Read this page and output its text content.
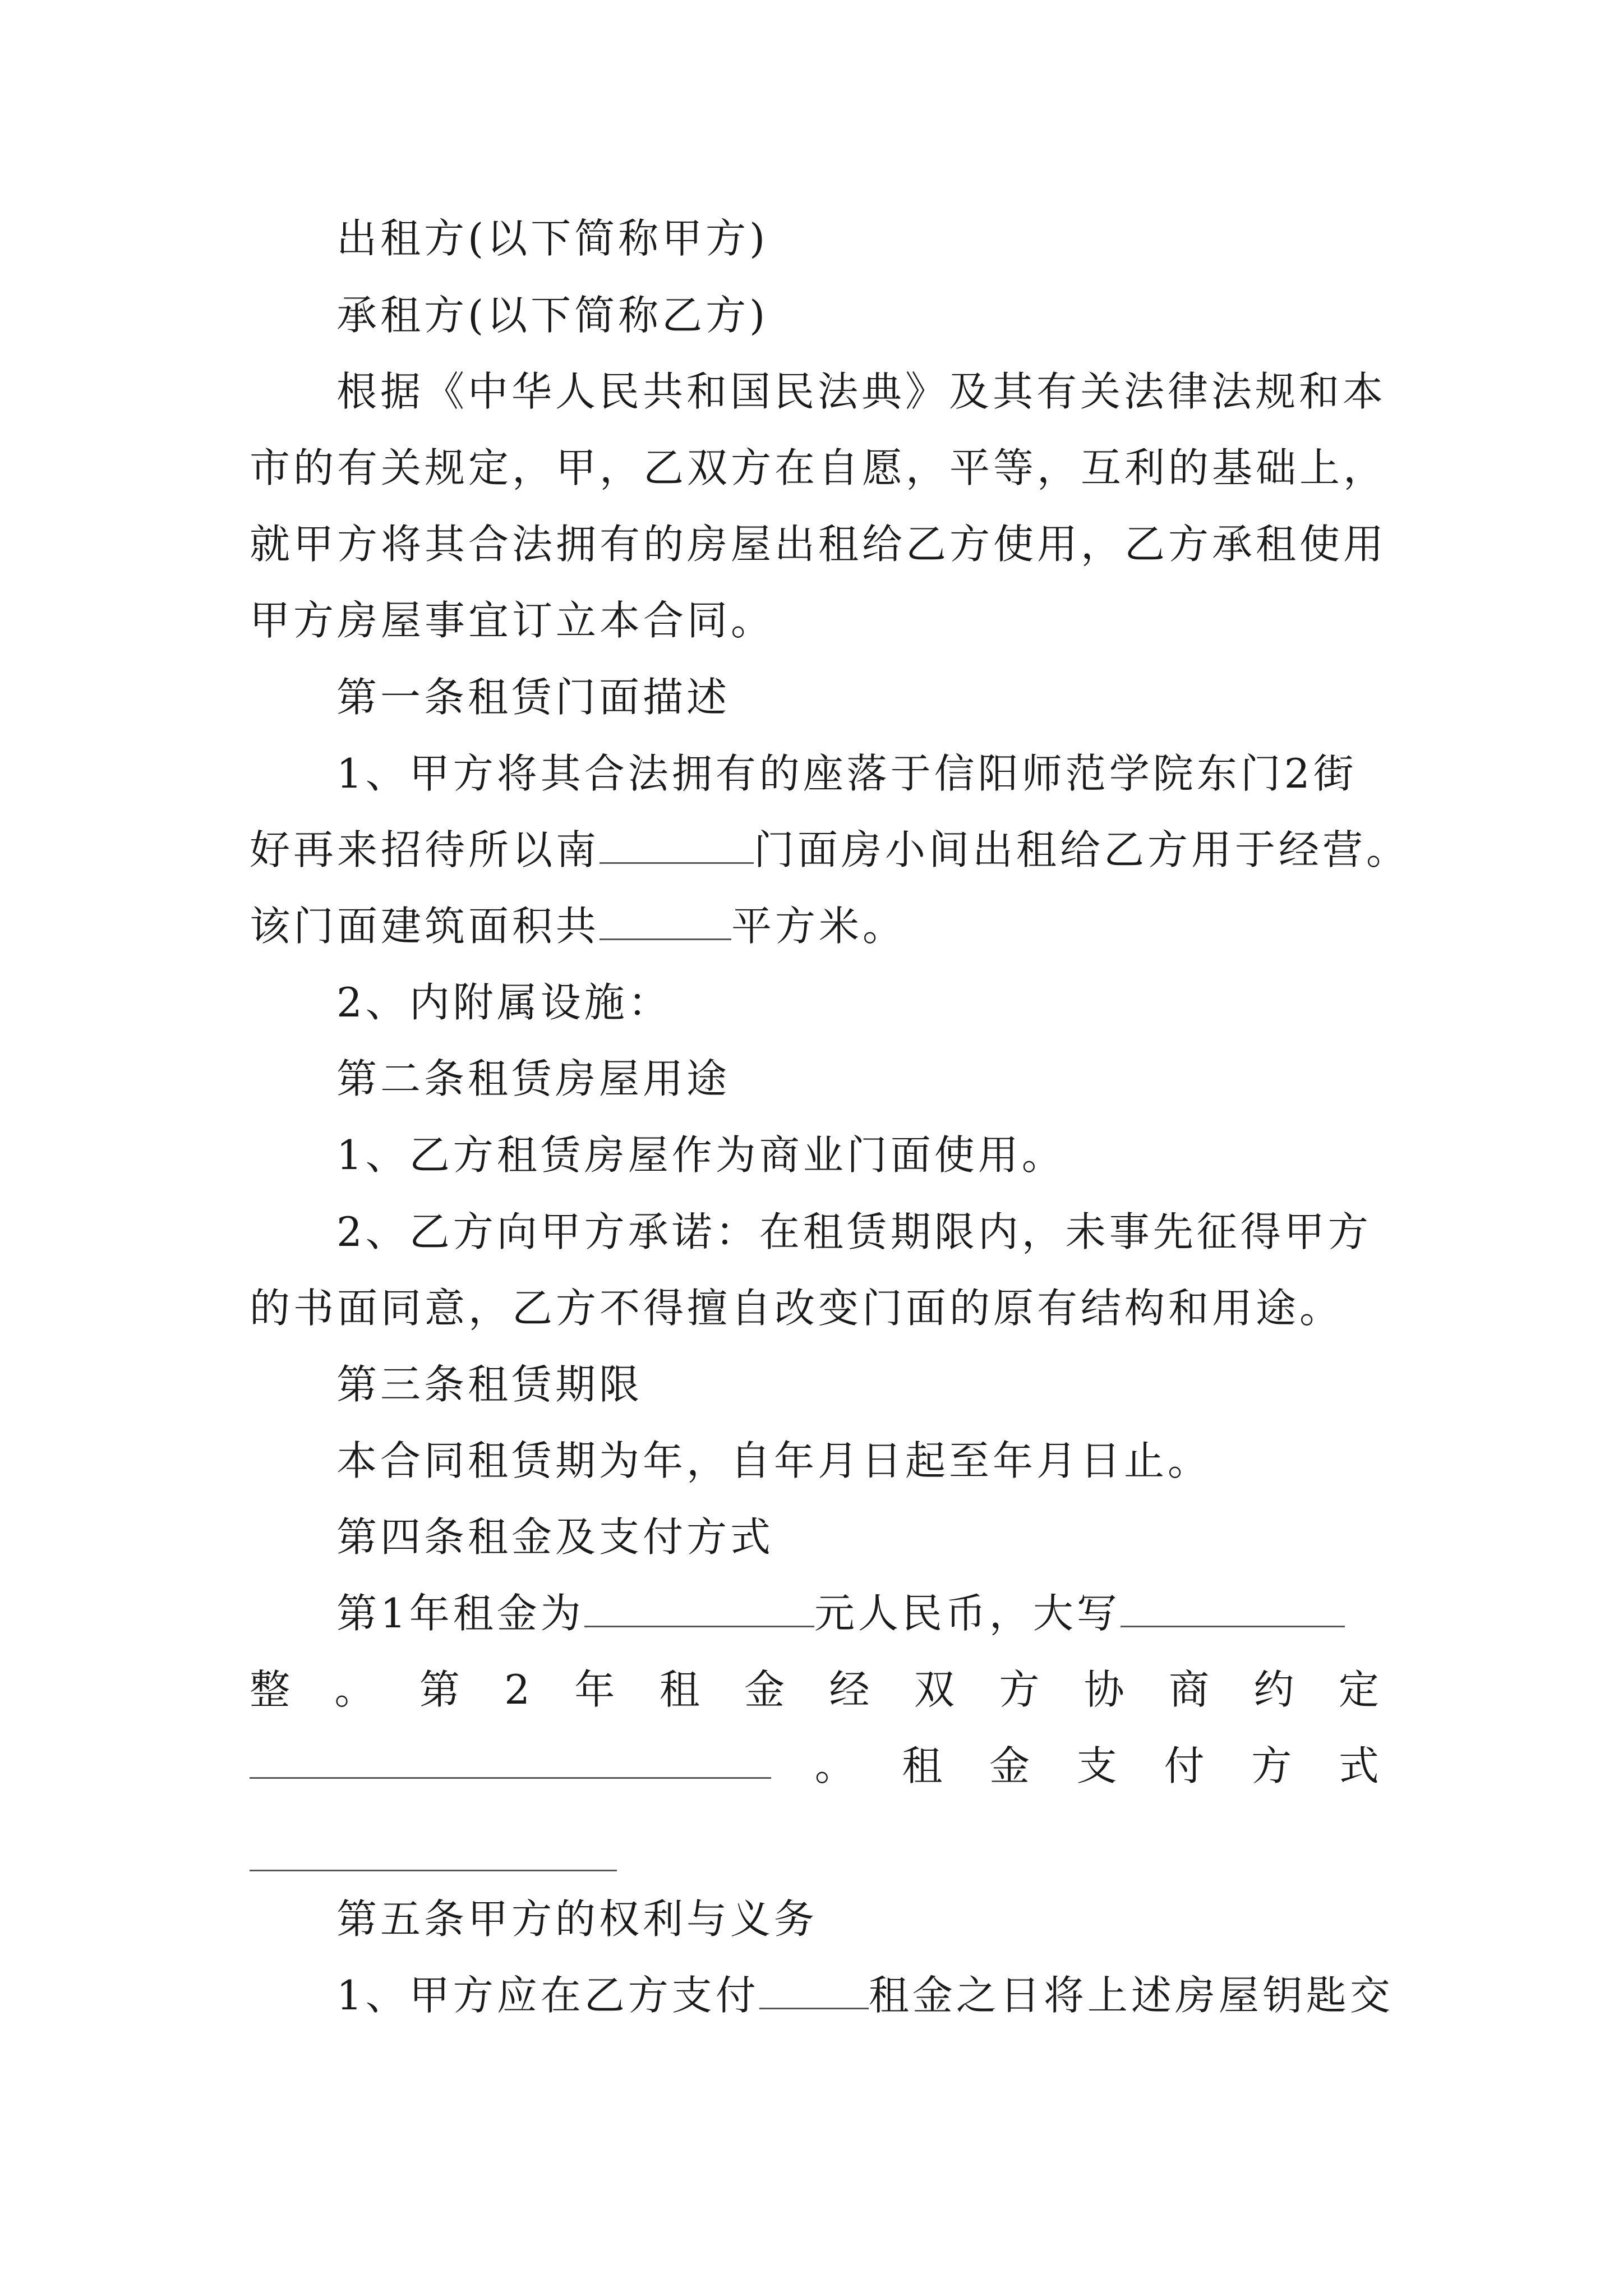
出租方(以下简称甲方)
承租方(以下简称乙方)
根据《中华人民共和国民法典》及其有关法律法规和本
市的有关规定，甲，乙双方在自愿，平等，互利的基础上，
就甲方将其合法拥有的房屋出租给乙方使用，乙方承租使用
甲方房屋事宜订立本合同。
第一条租赁门面描述
1、甲方将其合法拥有的座落于信阳师范学院东门2街
好再来招待所以南	门面房小间出租给乙方用于经营。
该门面建筑面积共	平方米。
2、内附属设施：
第二条租赁房屋用途
1、乙方租赁房屋作为商业门面使用。
2、乙方向甲方承诺：在租赁期限内，未事先征得甲方
的书面同意，乙方不得擅自改变门面的原有结构和用途。
第三条租赁期限
本合同租赁期为年，自年月日起至年月日止。
第四条租金及支付方式
第1年租金为	元人民币，大写
整 。 第 2 年 租 金 经 双 方 协 商 约 定
。 租 金 支 付 方 式
第五条甲方的权利与义务
1、甲方应在乙方支付	租金之日将上述房屋钥匙交
